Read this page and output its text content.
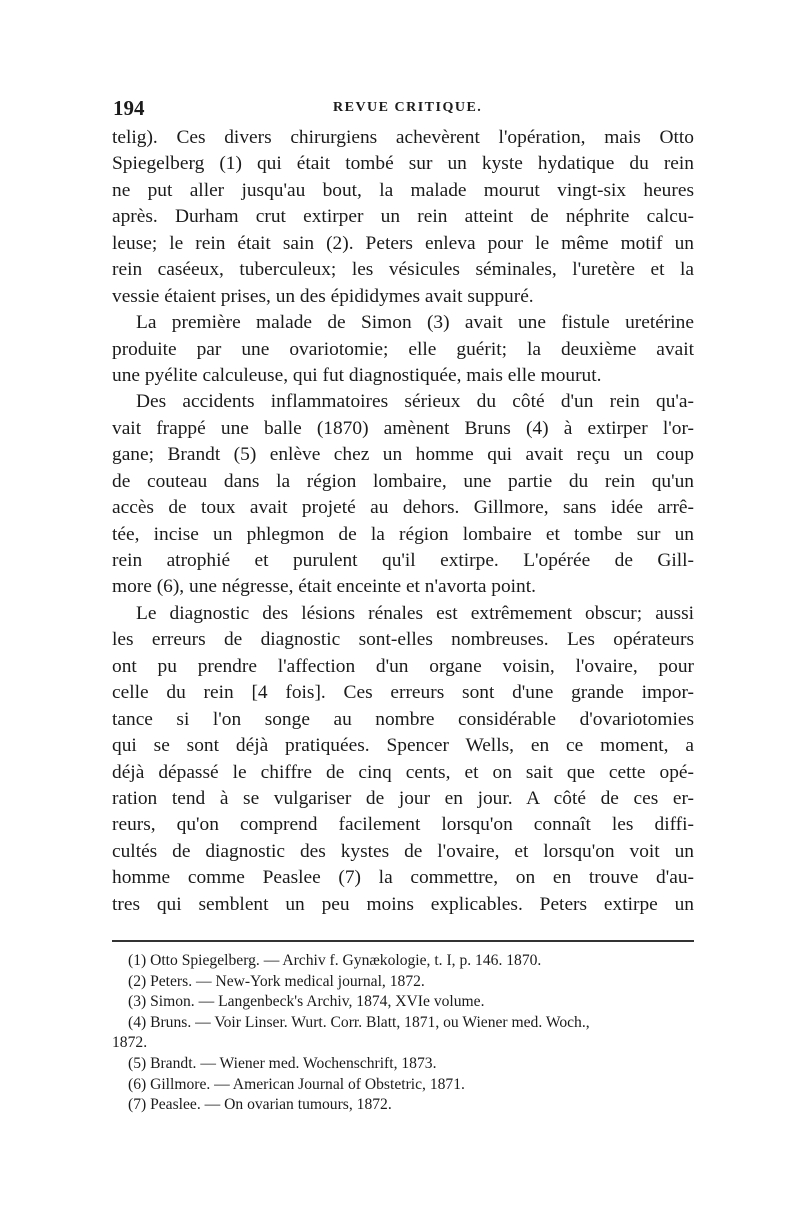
194	REVUE CRITIQUE.
telig). Ces divers chirurgiens achevèrent l'opération, mais Otto
Spiegelberg (1) qui était tombé sur un kyste hydatique du rein
ne put aller jusqu'au bout, la malade mourut vingt-six heures
après. Durham crut extirper un rein atteint de néphrite calcu-
leuse; le rein était sain (2). Peters enleva pour le même motif un
rein caséeux, tuberculeux; les vésicules séminales, l'uretère et la
vessie étaient prises, un des épididymes avait suppuré.
La première malade de Simon (3) avait une fistule uretérine
produite par une ovariotomie; elle guérit; la deuxième avait
une pyélite calculeuse, qui fut diagnostiquée, mais elle mourut.
Des accidents inflammatoires sérieux du côté d'un rein qu'a-
vait frappé une balle (1870) amènent Bruns (4) à extirper l'or-
gane; Brandt (5) enlève chez un homme qui avait reçu un coup
de couteau dans la région lombaire, une partie du rein qu'un
accès de toux avait projeté au dehors. Gillmore, sans idée arrê-
tée, incise un phlegmon de la région lombaire et tombe sur un
rein atrophié et purulent qu'il extirpe. L'opérée de Gill-
more (6), une négresse, était enceinte et n'avorta point.
Le diagnostic des lésions rénales est extrêmement obscur; aussi
les erreurs de diagnostic sont-elles nombreuses. Les opérateurs
ont pu prendre l'affection d'un organe voisin, l'ovaire, pour
celle du rein [4 fois]. Ces erreurs sont d'une grande impor-
tance si l'on songe au nombre considérable d'ovariotomies
qui se sont déjà pratiquées. Spencer Wells, en ce moment, a
déjà dépassé le chiffre de cinq cents, et on sait que cette opé-
ration tend à se vulgariser de jour en jour. A côté de ces er-
reurs, qu'on comprend facilement lorsqu'on connaît les diffi-
cultés de diagnostic des kystes de l'ovaire, et lorsqu'on voit un
homme comme Peaslee (7) la commettre, on en trouve d'au-
tres qui semblent un peu moins explicables. Peters extirpe un
(1) Otto Spiegelberg. — Archiv f. Gynækologie, t. I, p. 146. 1870.
(2) Peters. — New-York medical journal, 1872.
(3) Simon. — Langenbeck's Archiv, 1874, XVIe volume.
(4) Bruns. — Voir Linser. Wurt. Corr. Blatt, 1871, ou Wiener med. Woch.,
1872.
(5) Brandt. — Wiener med. Wochenschrift, 1873.
(6) Gillmore. — American Journal of Obstetric, 1871.
(7) Peaslee. — On ovarian tumours, 1872.
